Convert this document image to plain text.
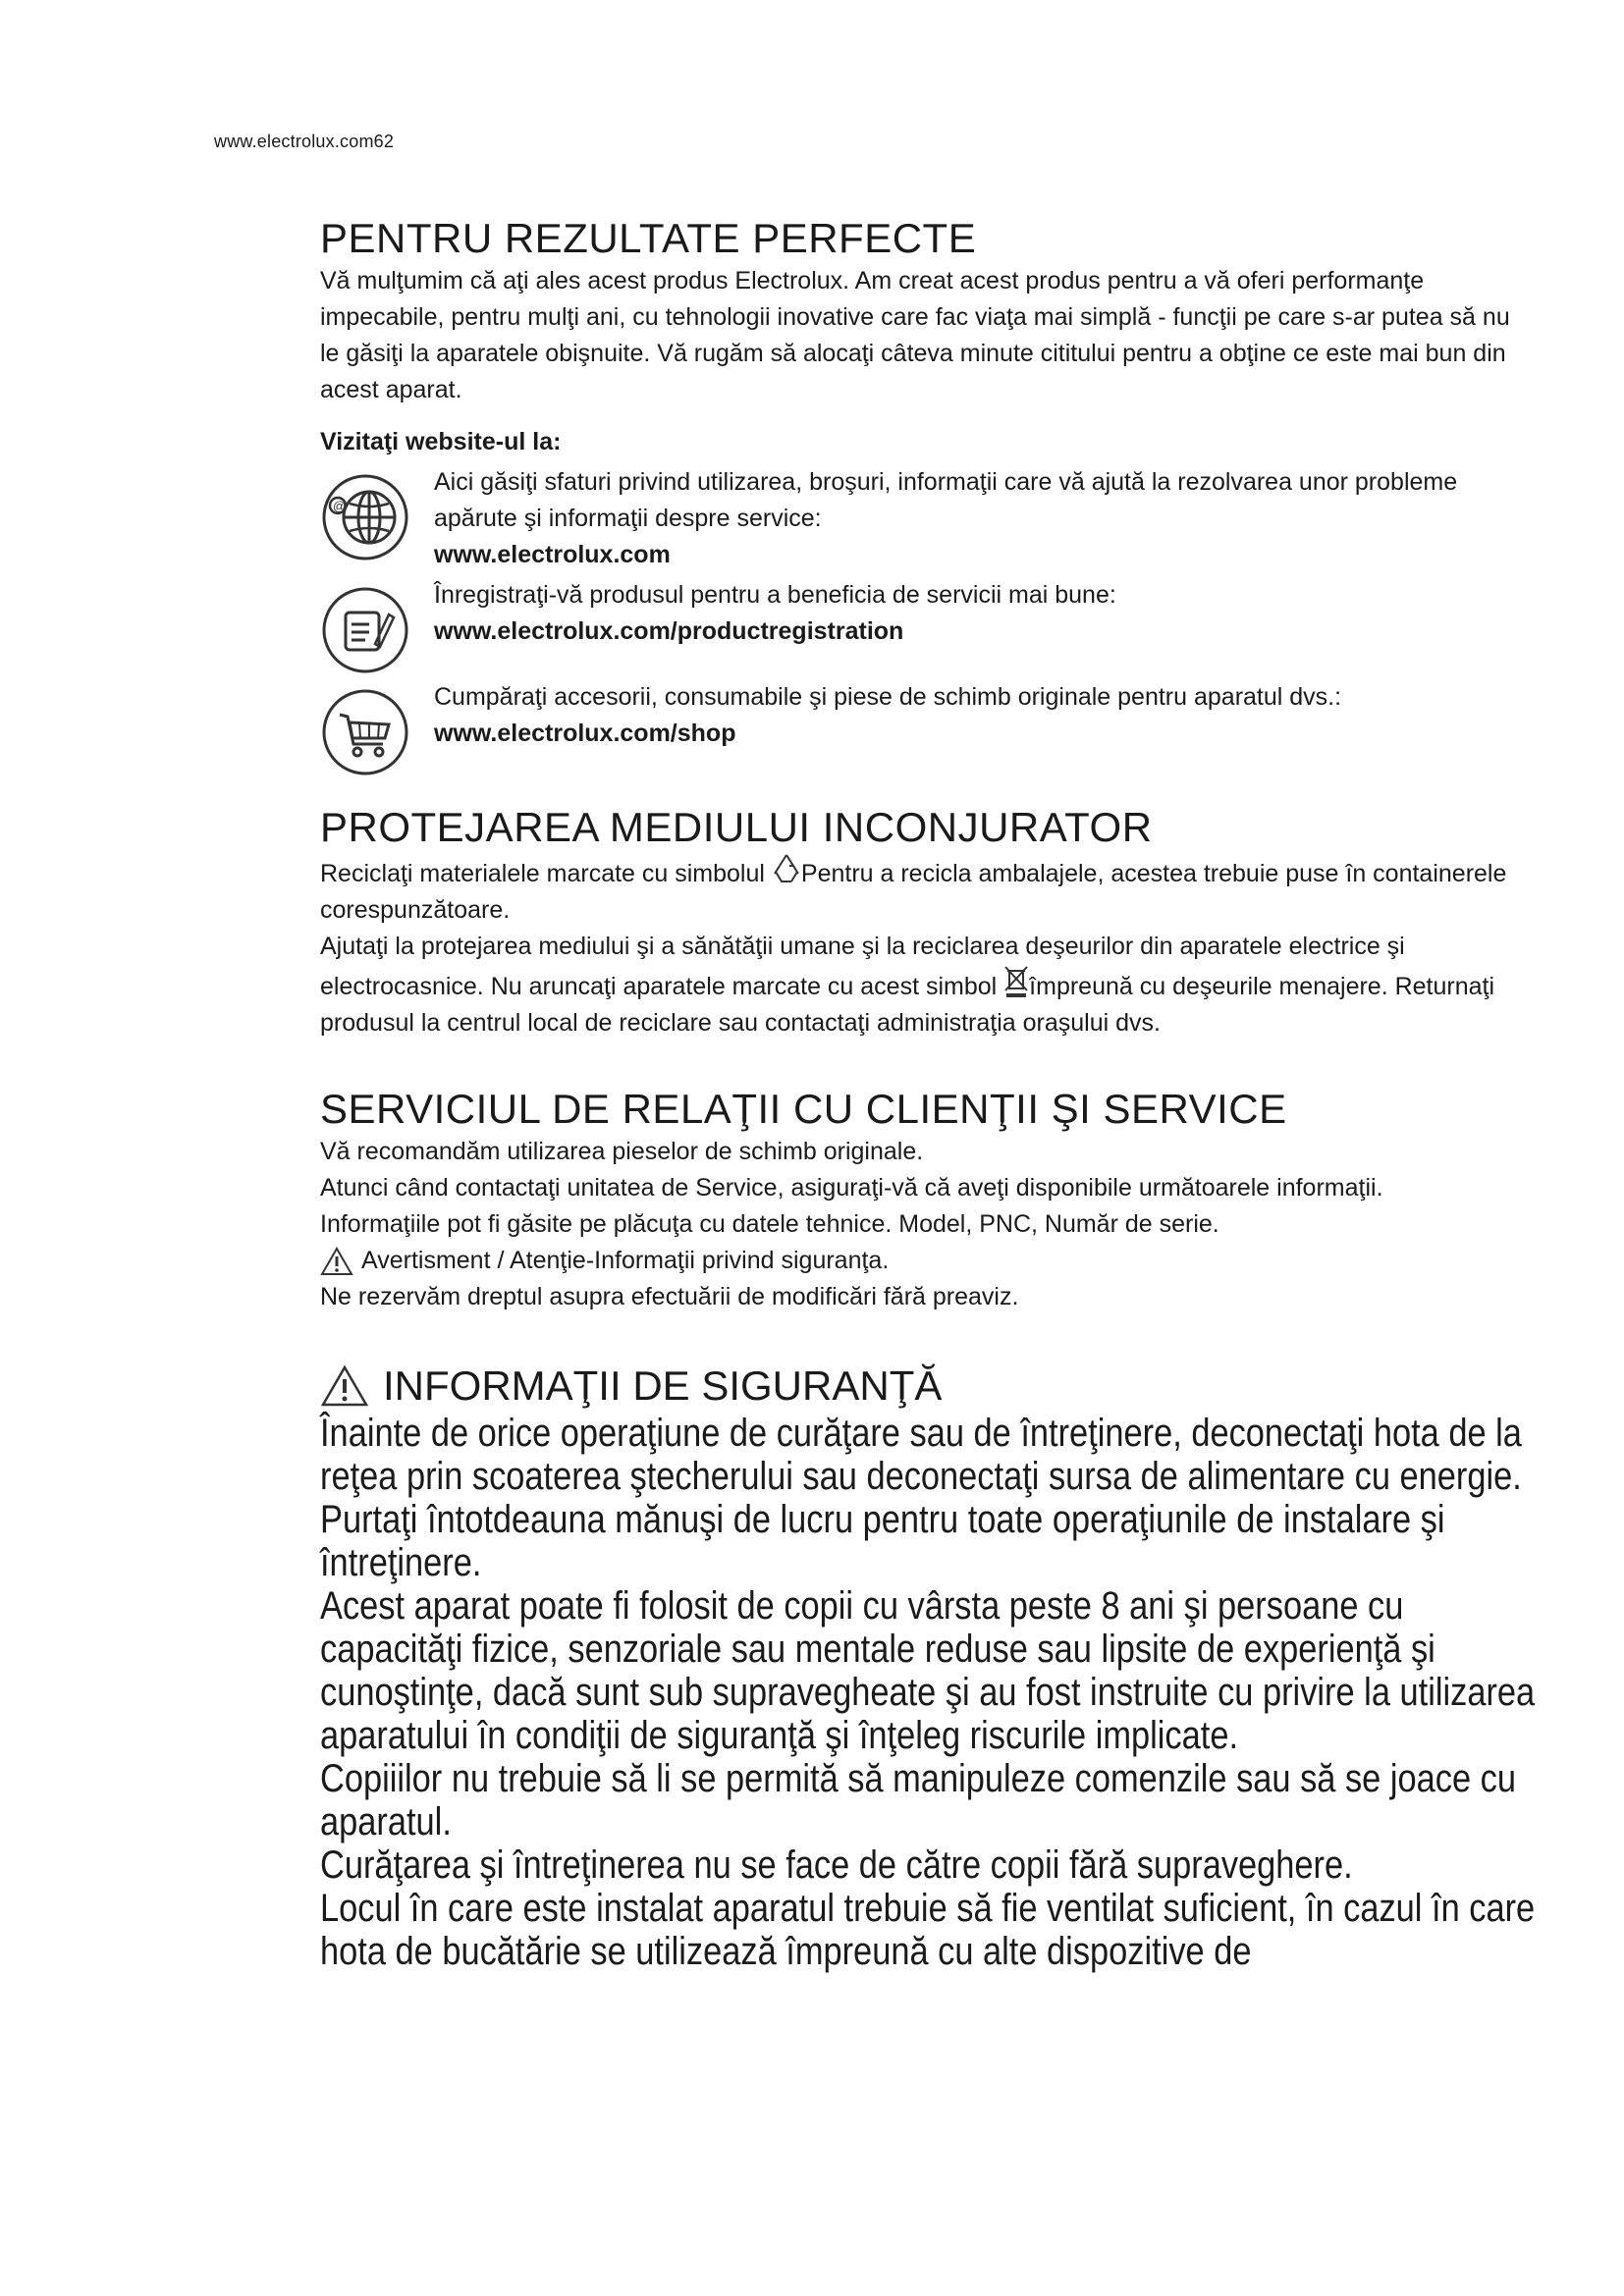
www.electrolux.com62
PENTRU REZULTATE PERFECTE

Vă mulţumim că aţi ales acest produs Electrolux. Am creat acest produs pentru a vă oferi performanţe impecabile, pentru mulţi ani, cu tehnologii inovative care fac viaţa mai simplă - funcţii pe care s-ar putea să nu le găsiţi la aparatele obişnuite. Vă rugăm să alocaţi câteva minute cititului pentru a obţine ce este mai bun din acest aparat.

Vizitaţi website-ul la:
@
Aici găsiţi sfaturi privind utilizarea, broşuri, informaţii care vă ajută la rezolvarea unor probleme apărute şi informaţii despre service:
www.electrolux.com
Înregistraţi-vă produsul pentru a beneficia de servicii mai bune:
www.electrolux.com/productregistration
Cumpăraţi accesorii, consumabile şi piese de schimb originale pentru aparatul dvs.:
www.electrolux.com/shop
PROTEJAREA MEDIULUI INCONJURATOR

Reciclaţi materialele marcate cu simbolul Pentru a recicla ambalajele, acestea trebuie puse în containerele corespunzătoare.

Ajutaţi la protejarea mediului şi a sănătăţii umane şi la reciclarea deşeurilor din aparatele electrice şi electrocasnice. Nu aruncaţi aparatele marcate cu acest simbol împreună cu deşeurile menajere. Returnaţi produsul la centrul local de reciclare sau contactaţi administraţia oraşului dvs.

SERVICIUL DE RELAŢII CU CLIENŢII ŞI SERVICE

Vă recomandăm utilizarea pieselor de schimb originale.

Atunci când contactaţi unitatea de Service, asiguraţi-vă că aveţi disponibile următoarele informaţii.

Informaţiile pot fi găsite pe plăcuţa cu datele tehnice. Model, PNC, Număr de serie.

Avertisment / Atenţie-Informaţii privind siguranţa.

Ne rezervăm dreptul asupra efectuării de modificări fără preaviz.

INFORMAŢII DE SIGURANŢĂ

Înainte de orice operaţiune de curăţare sau de întreţinere, deconectaţi hota de la reţea prin scoaterea ştecherului sau deconectaţi sursa de alimentare cu energie.

Purtaţi întotdeauna mănuşi de lucru pentru toate operaţiunile de instalare şi întreţinere.

Acest aparat poate fi folosit de copii cu vârsta peste 8 ani şi persoane cu capacităţi fizice, senzoriale sau mentale reduse sau lipsite de experienţă şi cunoştinţe, dacă sunt sub supravegheate şi au fost instruite cu privire la utilizarea aparatului în condiţii de siguranţă şi înţeleg riscurile implicate.

Copiiilor nu trebuie să li se permită să manipuleze comenzile sau să se joace cu aparatul.

Curăţarea şi întreţinerea nu se face de către copii fără supraveghere.

Locul în care este instalat aparatul trebuie să fie ventilat suficient, în cazul în care hota de bucătărie se utilizează împreună cu alte dispozitive de
